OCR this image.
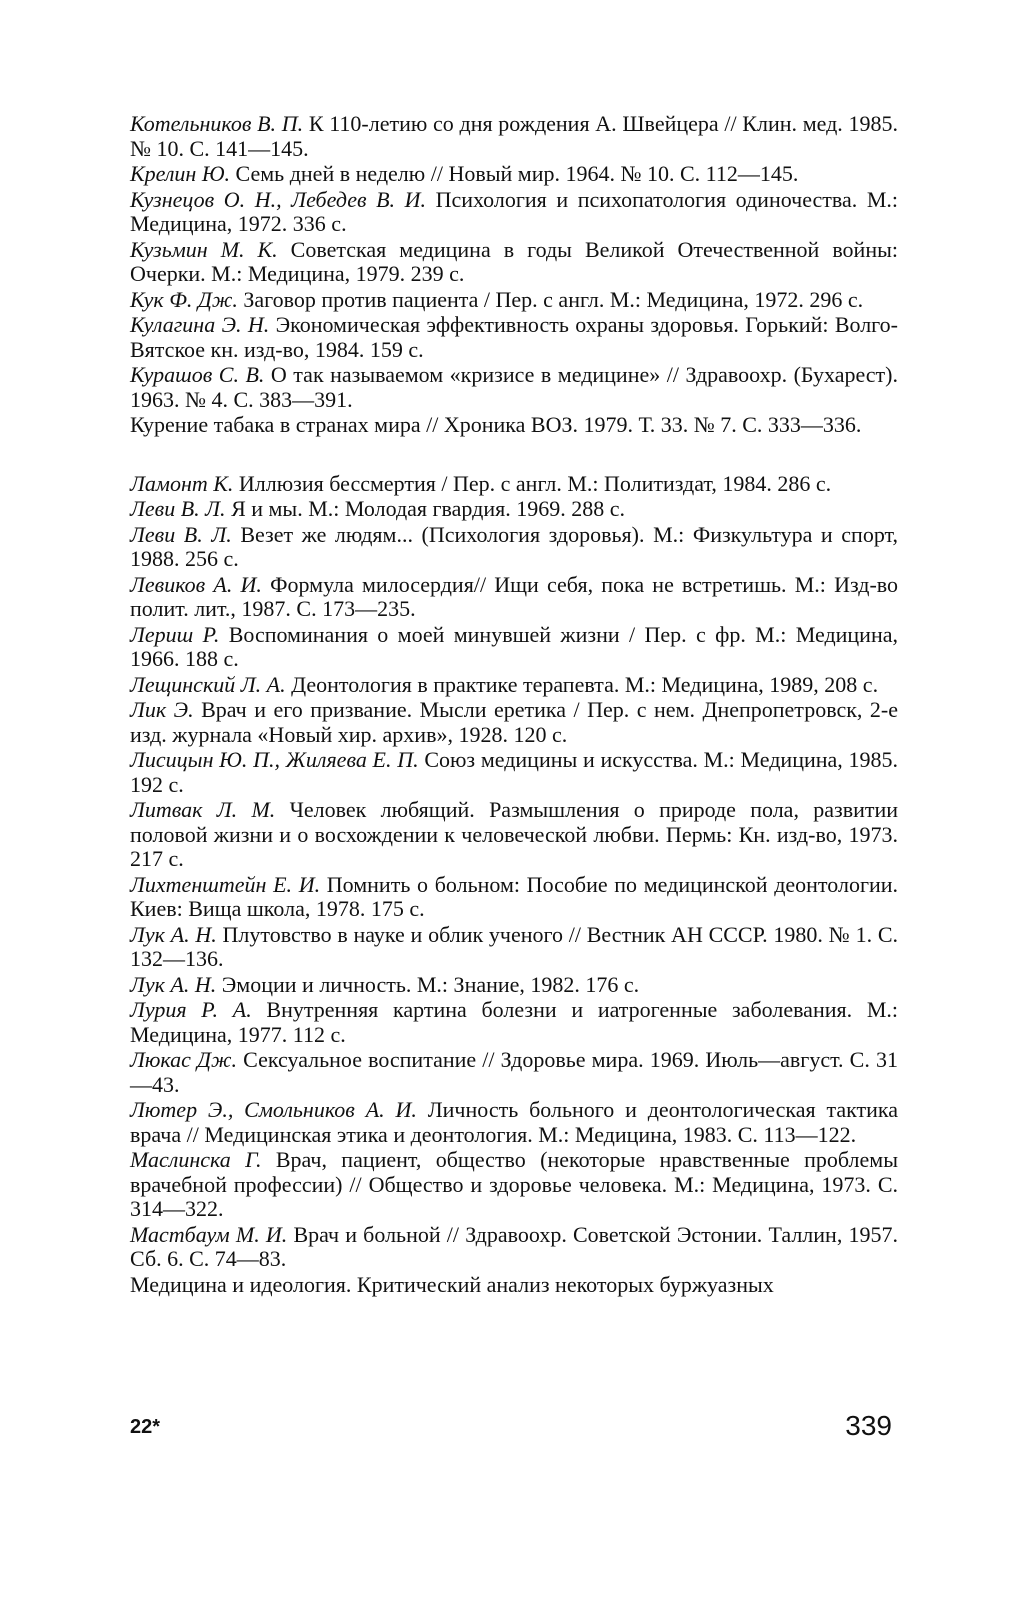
Котельников В. П. К 110-летию со дня рождения А. Швейцера // Клин. мед. 1985. № 10. С. 141—145.

Крелин Ю. Семь дней в неделю // Новый мир. 1964. № 10. С. 112—145.

Кузнецов О. Н., Лебедев В. И. Психология и психопатология одиночества. М.: Медицина, 1972. 336 с.

Кузьмин М. К. Советская медицина в годы Великой Отечественной войны: Очерки. М.: Медицина, 1979. 239 с.

Кук Ф. Дж. Заговор против пациента / Пер. с англ. М.: Медицина, 1972. 296 с.

Кулагина Э. Н. Экономическая эффективность охраны здоровья. Горький: Волго-Вятское кн. изд-во, 1984. 159 с.

Курашов С. В. О так называемом «кризисе в медицине» // Здравоохр. (Бухарест). 1963. № 4. С. 383—391.

Курение табака в странах мира // Хроника ВОЗ. 1979. Т. 33. № 7. С. 333—336.

Ламонт К. Иллюзия бессмертия / Пер. с англ. М.: Политиздат, 1984. 286 с.

Леви В. Л. Я и мы. М.: Молодая гвардия. 1969. 288 с.

Леви В. Л. Везет же людям... (Психология здоровья). М.: Физкультура и спорт, 1988. 256 с.

Левиков А. И. Формула милосердия// Ищи себя, пока не встретишь. М.: Изд-во полит. лит., 1987. С. 173—235.

Лериш Р. Воспоминания о моей минувшей жизни / Пер. с фр. М.: Медицина, 1966. 188 с.

Лещинский Л. А. Деонтология в практике терапевта. М.: Медицина, 1989, 208 с.

Лик Э. Врач и его призвание. Мысли еретика / Пер. с нем. Днепропетровск, 2-е изд. журнала «Новый хир. архив», 1928. 120 с.

Лисицын Ю. П., Жиляева Е. П. Союз медицины и искусства. М.: Медицина, 1985. 192 с.

Литвак Л. М. Человек любящий. Размышления о природе пола, развитии половой жизни и о восхождении к человеческой любви. Пермь: Кн. изд-во, 1973. 217 с.

Лихтенштейн Е. И. Помнить о больном: Пособие по медицинской деонтологии. Киев: Вища школа, 1978. 175 с.

Лук А. Н. Плутовство в науке и облик ученого // Вестник АН СССР. 1980. № 1. С. 132—136.

Лук А. Н. Эмоции и личность. М.: Знание, 1982. 176 с.

Лурия Р. А. Внутренняя картина болезни и иатрогенные заболевания. М.: Медицина, 1977. 112 с.

Люкас Дж. Сексуальное воспитание // Здоровье мира. 1969. Июль—август. С. 31—43.

Лютер Э., Смольников А. И. Личность больного и деонтологическая тактика врача // Медицинская этика и деонтология. М.: Медицина, 1983. С. 113—122.

Маслинска Г. Врач, пациент, общество (некоторые нравственные проблемы врачебной профессии) // Общество и здоровье человека. М.: Медицина, 1973. С. 314—322.

Мастбаум М. И. Врач и больной // Здравоохр. Советской Эстонии. Таллин, 1957. Сб. 6. С. 74—83.

Медицина и идеология. Критический анализ некоторых буржуазных

22*	339
